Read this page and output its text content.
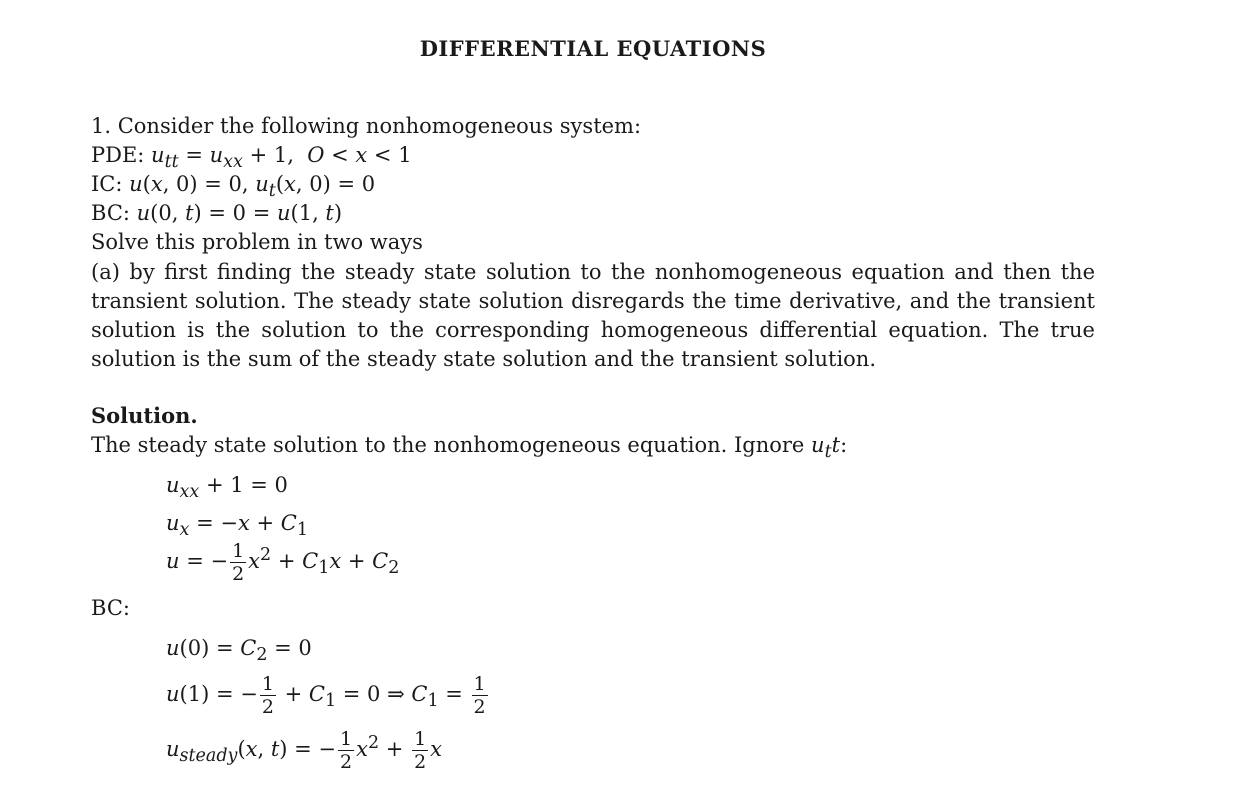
DIFFERENTIAL EQUATIONS
1. Consider the following nonhomogeneous system:
PDE: $u_{tt} = u_{xx} + 1$,  O < x < 1
IC: u(x, 0) = 0, $u_t(x$, 0) = 0
BC: u(0, t) = 0 = u(1, t)
Solve this problem in two ways
(a) by first finding the steady state solution to the nonhomogeneous equation and then the transient solution. The steady state solution disregards the time derivative, and the transient solution is the solution to the corresponding homogeneous differential equation. The true solution is the sum of the steady state solution and the transient solution.
Solution.
The steady state solution to the nonhomogeneous equation. Ignore $u_tt$:
$u_{xx} + 1 = 0$
$u_x = -x + C_1$
u = − $\frac{1}{2} x^2 + C_1x + C_2$
BC:
$u(0) = C_2 = 0$
u(1) = − $\frac{1}{2} + C_1 = 0$ ⇒ $C_1 = \frac{1}{2}$
$u_{steady}(x$, t) = − $\frac{1}{2} x^2 + \frac{1}{2}$ x
